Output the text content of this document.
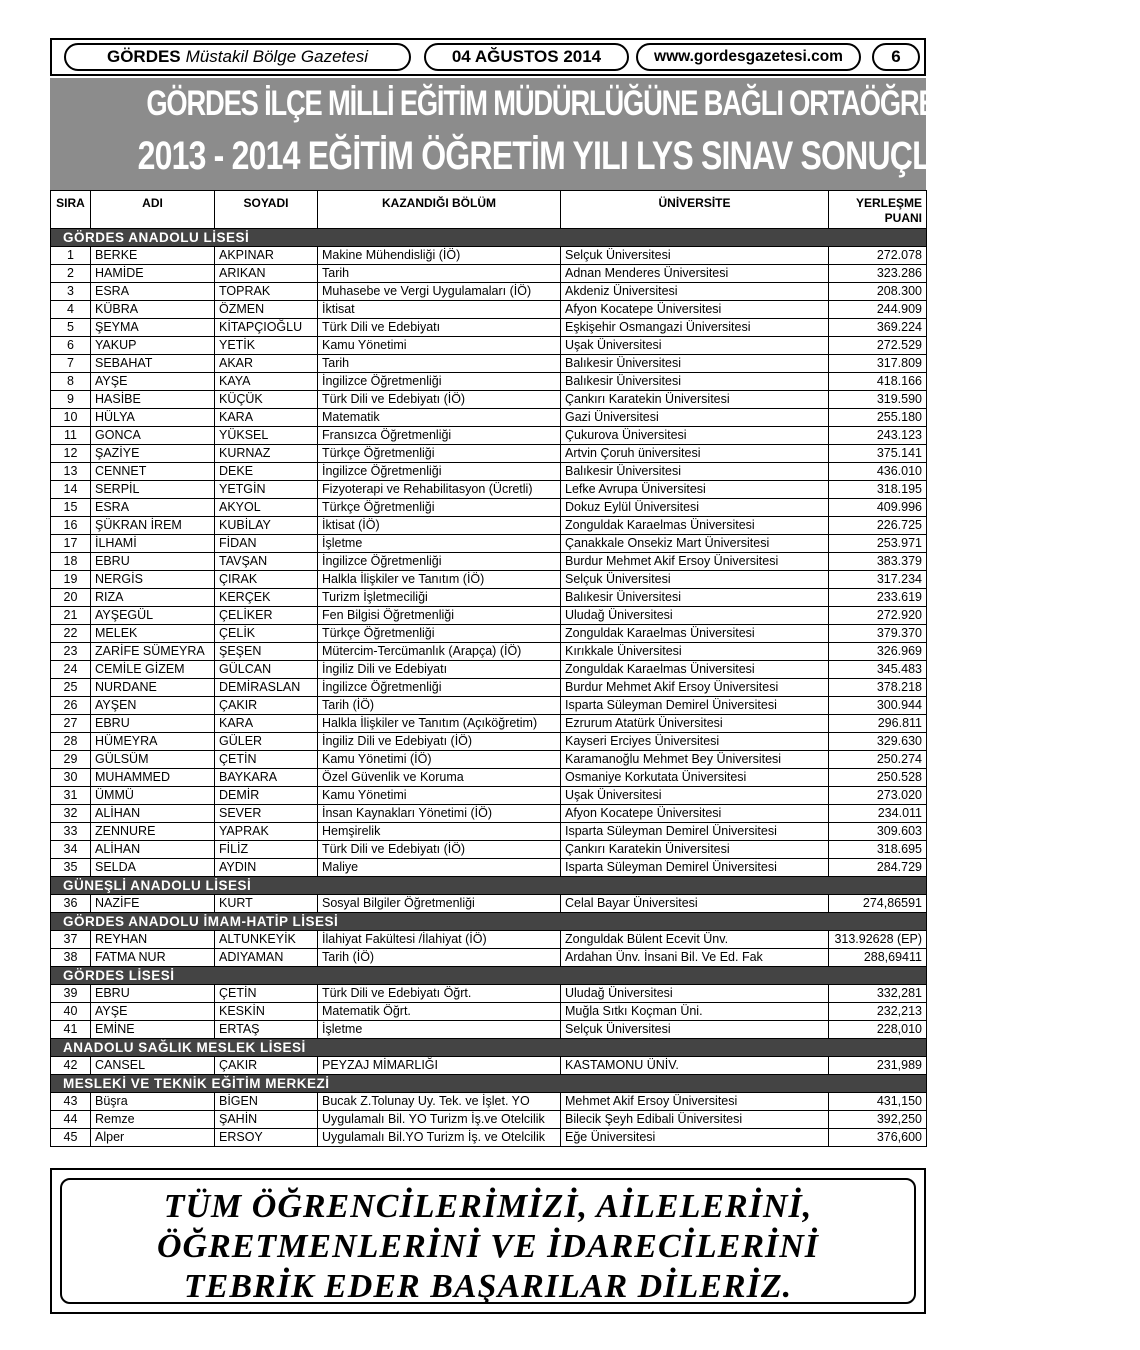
GÖRDES Müstakil Bölge Gazetesi	04 AĞUSTOS 2014	www.gordesgazetesi.com	6
GÖRDES İLÇE MİLLİ EĞİTİM MÜDÜRLÜĞÜNE BAĞLI ORTAÖĞRETİM KURUMLARI
2013 - 2014 EĞİTİM ÖĞRETİM YILI LYS SINAV SONUÇLARI :
SIRA	ADI	SOYADI	KAZANDIĞI BÖLÜM	ÜNİVERSİTE	YERLEŞME PUANI
GÖRDES ANADOLU LİSESİ					
1	BERKE	AKPINAR	Makine Mühendisliği (İÖ)	Selçuk Üniversitesi	272.078
2	HAMİDE	ARIKAN	Tarih	Adnan Menderes Üniversitesi	323.286
3	ESRA	TOPRAK	Muhasebe ve Vergi Uygulamaları (İÖ)	Akdeniz Üniversitesi	208.300
4	KÜBRA	ÖZMEN	İktisat	Afyon Kocatepe Üniversitesi	244.909
5	ŞEYMA	KİTAPÇIOĞLU	Türk Dili ve Edebiyatı	Eşkişehir Osmangazi Üniversitesi	369.224
6	YAKUP	YETİK	Kamu Yönetimi	Uşak Üniversitesi	272.529
7	SEBAHAT	AKAR	Tarih	Balıkesir Üniversitesi	317.809
8	AYŞE	KAYA	İngilizce Öğretmenliği	Balıkesir Üniversitesi	418.166
9	HASİBE	KÜÇÜK	Türk Dili ve Edebiyatı (İÖ)	Çankırı Karatekin Üniversitesi	319.590
10	HÜLYA	KARA	Matematik	Gazi Üniversitesi	255.180
11	GONCA	YÜKSEL	Fransızca Öğretmenliği	Çukurova Üniversitesi	243.123
12	ŞAZİYE	KURNAZ	Türkçe Öğretmenliği	Artvin Çoruh üniversitesi	375.141
13	CENNET	DEKE	İngilizce Öğretmenliği	Balıkesir Üniversitesi	436.010
14	SERPİL	YETGİN	Fizyoterapi ve Rehabilitasyon (Ücretli)	Lefke Avrupa Üniversitesi	318.195
15	ESRA	AKYOL	Türkçe Öğretmenliği	Dokuz Eylül Üniversitesi	409.996
16	ŞÜKRAN İREM	KUBİLAY	İktisat (İÖ)	Zonguldak Karaelmas Üniversitesi	226.725
17	İLHAMİ	FİDAN	İşletme	Çanakkale Onsekiz Mart Üniversitesi	253.971
18	EBRU	TAVŞAN	İngilizce Öğretmenliği	Burdur Mehmet Akif Ersoy Üniversitesi	383.379
19	NERGİS	ÇIRAK	Halkla İlişkiler ve Tanıtım (İÖ)	Selçuk Üniversitesi	317.234
20	RIZA	KERÇEK	Turizm İşletmeciliği	Balıkesir Üniversitesi	233.619
21	AYŞEGÜL	ÇELİKER	Fen Bilgisi Öğretmenliği	Uludağ Üniversitesi	272.920
22	MELEK	ÇELİK	Türkçe Öğretmenliği	Zonguldak Karaelmas Üniversitesi	379.370
23	ZARİFE SÜMEYRA	ŞEŞEN	Mütercim-Tercümanlık (Arapça) (İÖ)	Kırıkkale Üniversitesi	326.969
24	CEMİLE GİZEM	GÜLCAN	İngiliz Dili ve Edebiyatı	Zonguldak Karaelmas Üniversitesi	345.483
25	NURDANE	DEMİRASLAN	İngilizce Öğretmenliği	Burdur Mehmet Akif Ersoy Üniversitesi	378.218
26	AYŞEN	ÇAKIR	Tarih (İÖ)	Isparta Süleyman Demirel Üniversitesi	300.944
27	EBRU	KARA	Halkla İlişkiler ve Tanıtım (Açıköğretim)	Ezrurum Atatürk Üniversitesi	296.811
28	HÜMEYRA	GÜLER	İngiliz Dili ve Edebiyatı (İÖ)	Kayseri Erciyes Üniversitesi	329.630
29	GÜLSÜM	ÇETİN	Kamu Yönetimi (İÖ)	Karamanoğlu Mehmet Bey Üniversitesi	250.274
30	MUHAMMED	BAYKARA	Özel Güvenlik ve Koruma	Osmaniye Korkutata Üniversitesi	250.528
31	ÜMMÜ	DEMİR	Kamu Yönetimi	Uşak Üniversitesi	273.020
32	ALİHAN	SEVER	İnsan Kaynakları Yönetimi (İÖ)	Afyon Kocatepe Üniversitesi	234.011
33	ZENNURE	YAPRAK	Hemşirelik	Isparta Süleyman Demirel Üniversitesi	309.603
34	ALİHAN	FİLİZ	Türk Dili ve Edebiyatı (İÖ)	Çankırı Karatekin Üniversitesi	318.695
35	SELDA	AYDIN	Maliye	Isparta Süleyman Demirel Üniversitesi	284.729
GÜNEŞLİ ANADOLU LİSESİ					
36	NAZİFE	KURT	Sosyal Bilgiler Öğretmenliği	Celal Bayar Üniversitesi	274,86591
GÖRDES ANADOLU İMAM-HATİP LİSESİ					
37	REYHAN	ALTUNKEYİK	İlahiyat Fakültesi /İlahiyat (İÖ)	Zonguldak Bülent Ecevit Ünv.	313.92628 (EP)
38	FATMA NUR	ADIYAMAN	Tarih (İÖ)	Ardahan Ünv. İnsani Bil. Ve Ed. Fak	288,69411
GÖRDES LİSESİ					
39	EBRU	ÇETİN	Türk Dili ve Edebiyatı Öğrt.	Uludağ Üniversitesi	332,281
40	AYŞE	KESKİN	Matematik Öğrt.	Muğla Sıtkı Koçman Üni.	232,213
41	EMİNE	ERTAŞ	İşletme	Selçuk Üniversitesi	228,010
ANADOLU SAĞLIK MESLEK LİSESİ					
42	CANSEL	ÇAKIR	PEYZAJ MİMARLIĞI	KASTAMONU ÜNİV.	231,989
MESLEKİ VE TEKNİK EĞİTİM MERKEZİ					
43	Büşra	BİGEN	Bucak Z.Tolunay Uy. Tek. ve İşlet. YO	Mehmet Akif Ersoy Üniversitesi	431,150
44	Remze	ŞAHİN	Uygulamalı Bil. YO Turizm İş.ve Otelcilik	Bilecik Şeyh Edibali Üniversitesi	392,250
45	Alper	ERSOY	Uygulamalı Bil.YO Turizm İş. ve Otelcilik	Eğe Üniversitesi	376,600
TÜM ÖĞRENCİLERİMİZİ, AİLELERİNİ,
ÖĞRETMENLERİNİ VE İDARECİLERİNİ
TEBRİK EDER BAŞARILAR DİLERİZ.
